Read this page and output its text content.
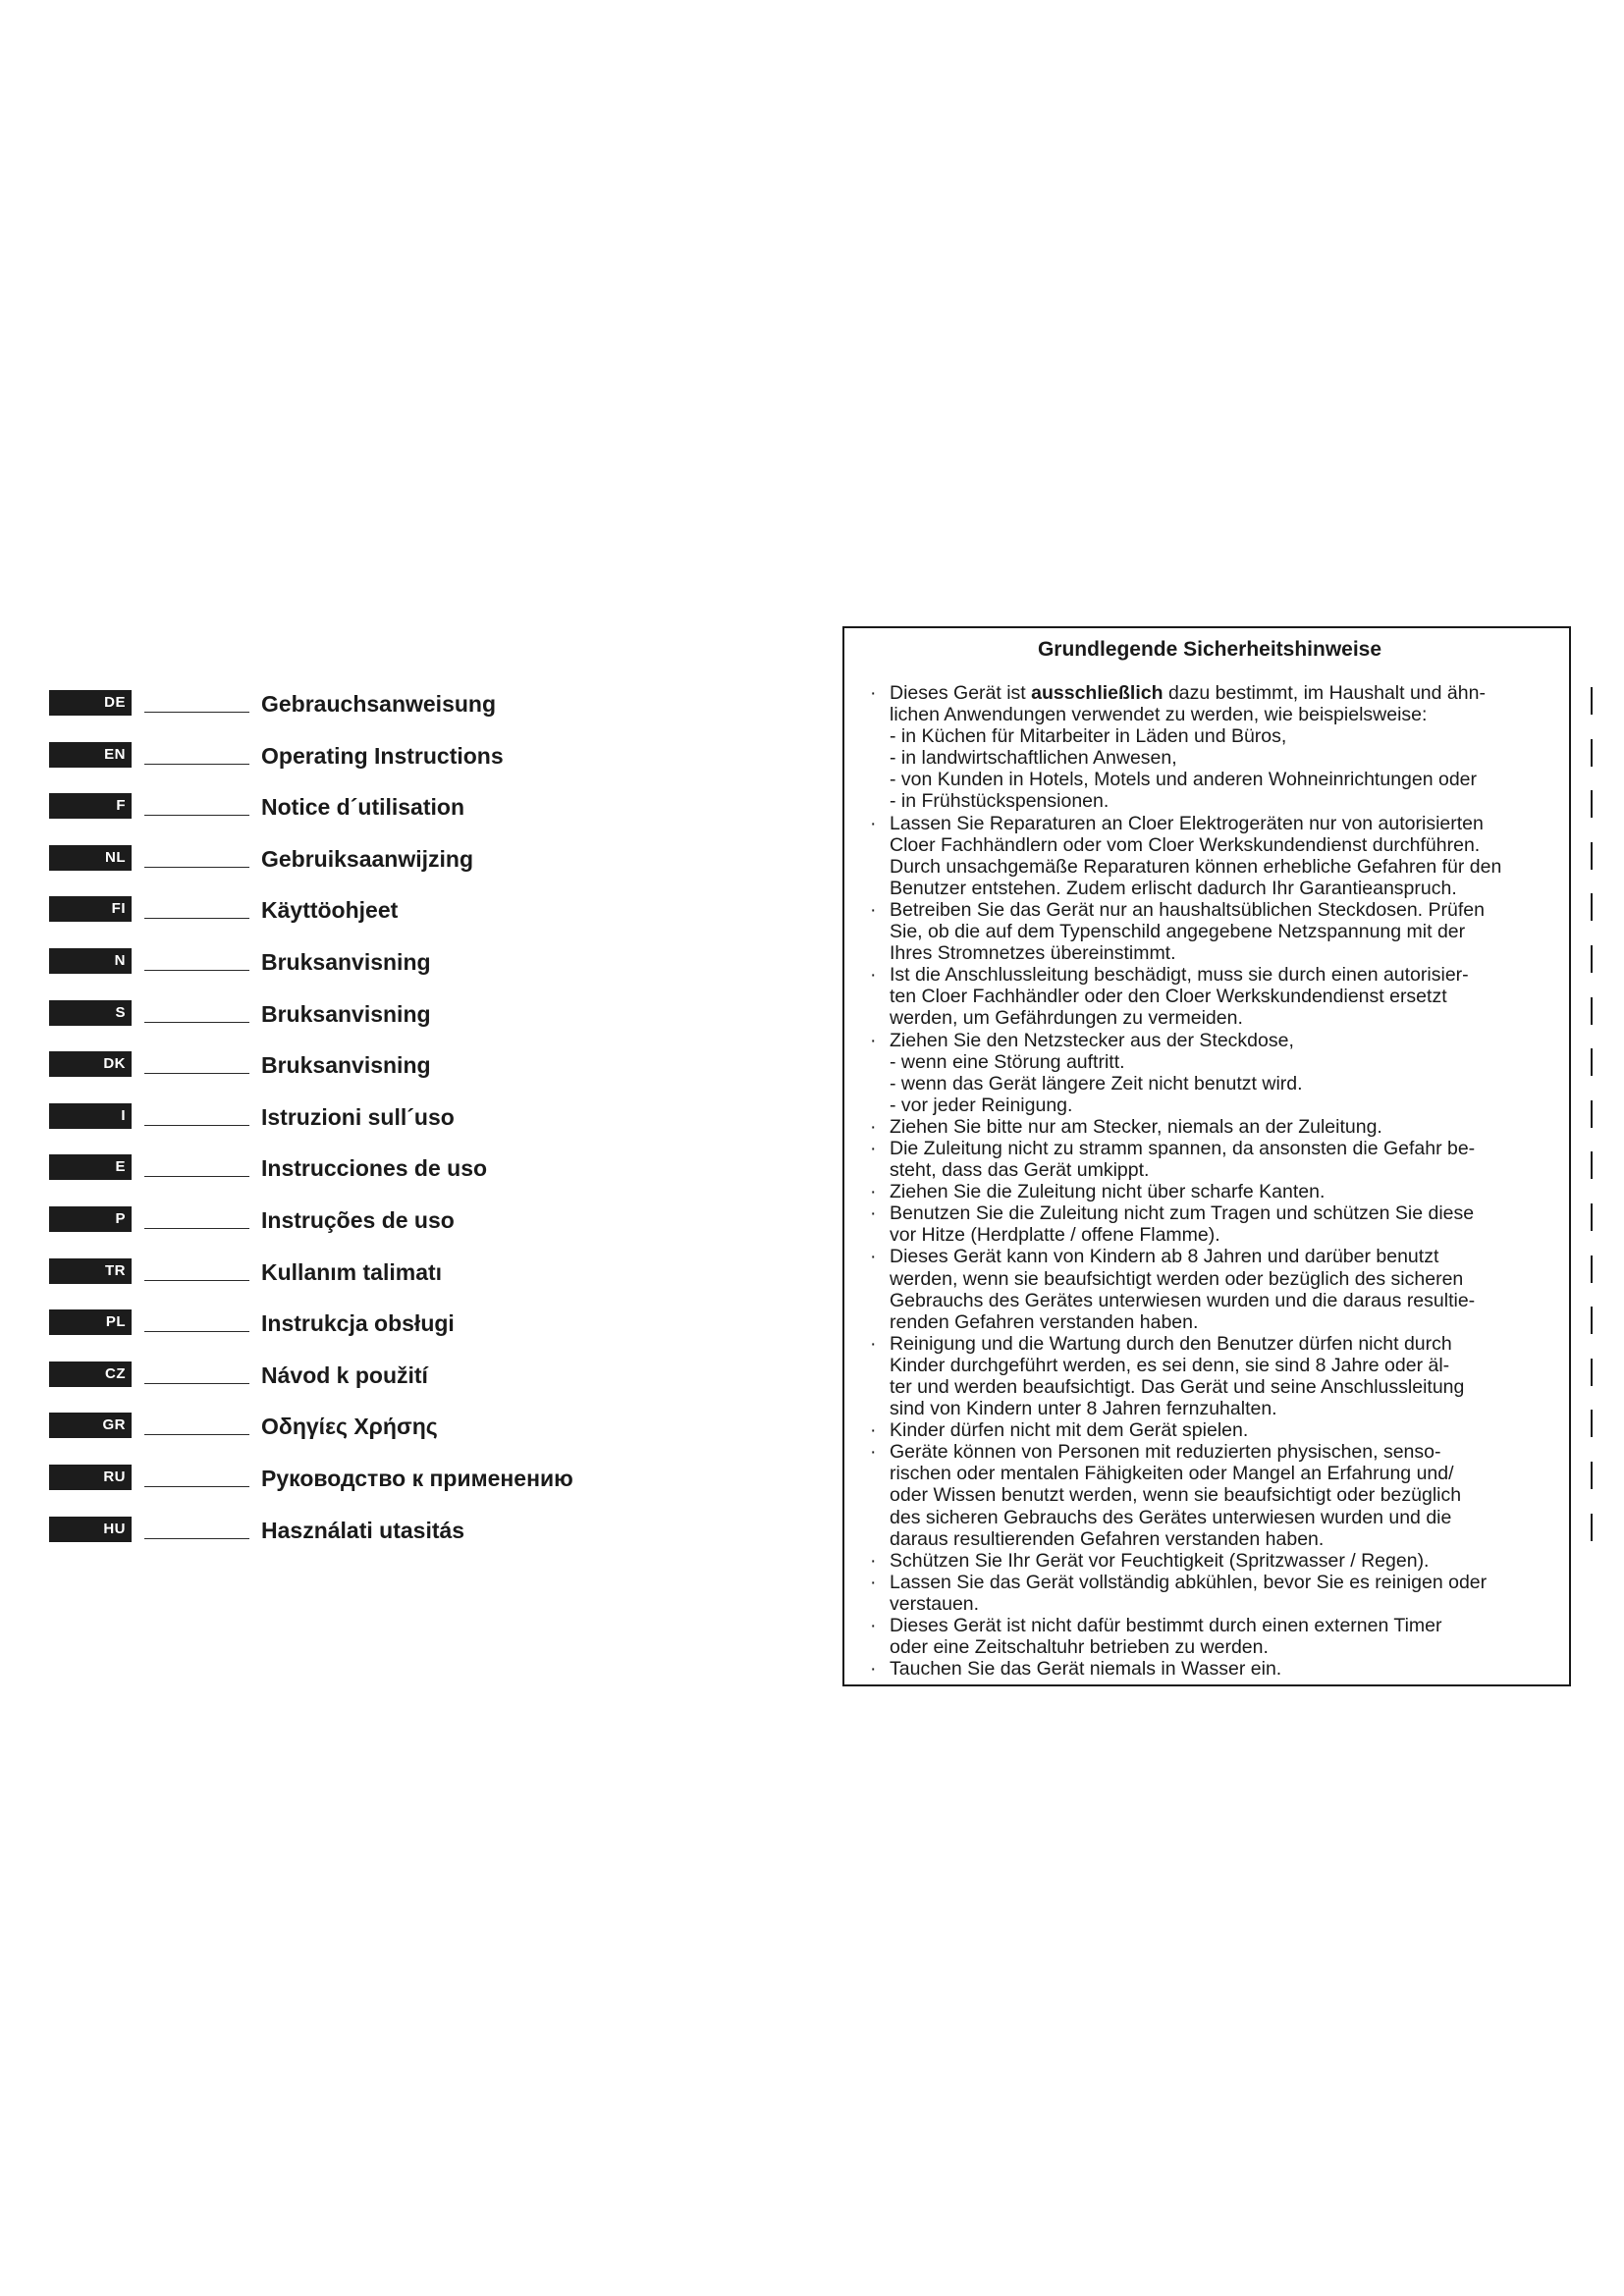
DE	Gebrauchsanweisung
EN	Operating Instructions
F	Notice d´utilisation
NL	Gebruiksaanwijzing
FI	Käyttöohjeet
N	Bruksanvisning
S	Bruksanvisning
DK	Bruksanvisning
I	Istruzioni sull´uso
E	Instrucciones de uso
P	Instruções de uso
TR	Kullanım talimatı
PL	Instrukcja obsługi
CZ	Návod k použití
GR	Οδηγίες Χρήσης
RU	Руководство к применению
HU	Használati utasitás
Grundlegende Sicherheitshinweise
· Dieses Gerät ist ausschließlich dazu bestimmt, im Haushalt und ähn-
lichen Anwendungen verwendet zu werden, wie beispielsweise:
- in Küchen für Mitarbeiter in Läden und Büros,
- in landwirtschaftlichen Anwesen,
- von Kunden in Hotels, Motels und anderen Wohneinrichtungen oder
- in Frühstückspensionen.
· Lassen Sie Reparaturen an Cloer Elektrogeräten nur von autorisierten
Cloer Fachhändlern oder vom Cloer Werkskundendienst durchführen.
Durch unsachgemäße Reparaturen können erhebliche Gefahren für den
Benutzer entstehen. Zudem erlischt dadurch Ihr Garantieanspruch.
· Betreiben Sie das Gerät nur an haushaltsüblichen Steckdosen. Prüfen
Sie, ob die auf dem Typenschild angegebene Netzspannung mit der
Ihres Stromnetzes übereinstimmt.
· Ist die Anschlussleitung beschädigt, muss sie durch einen autorisier-
ten Cloer Fachhändler oder den Cloer Werkskundendienst ersetzt
werden, um Gefährdungen zu vermeiden.
· Ziehen Sie den Netzstecker aus der Steckdose,
- wenn eine Störung auftritt.
- wenn das Gerät längere Zeit nicht benutzt wird.
- vor jeder Reinigung.
· Ziehen Sie bitte nur am Stecker, niemals an der Zuleitung.
· Die Zuleitung nicht zu stramm spannen, da ansonsten die Gefahr be-
steht, dass das Gerät umkippt.
· Ziehen Sie die Zuleitung nicht über scharfe Kanten.
· Benutzen Sie die Zuleitung nicht zum Tragen und schützen Sie diese
vor Hitze (Herdplatte / offene Flamme).
· Dieses Gerät kann von Kindern ab 8 Jahren und darüber benutzt
werden, wenn sie beaufsichtigt werden oder bezüglich des sicheren
Gebrauchs des Gerätes unterwiesen wurden und die daraus resultie-
renden Gefahren verstanden haben.
· Reinigung und die Wartung durch den Benutzer dürfen nicht durch
Kinder durchgeführt werden, es sei denn, sie sind 8 Jahre oder äl-
ter und werden beaufsichtigt. Das Gerät und seine Anschlussleitung
sind von Kindern unter 8 Jahren fernzuhalten.
· Kinder dürfen nicht mit dem Gerät spielen.
· Geräte können von Personen mit reduzierten physischen, senso-
rischen oder mentalen Fähigkeiten oder Mangel an Erfahrung und/
oder Wissen benutzt werden, wenn sie beaufsichtigt oder bezüglich
des sicheren Gebrauchs des Gerätes unterwiesen wurden und die
daraus resultierenden Gefahren verstanden haben.
· Schützen Sie Ihr Gerät vor Feuchtigkeit (Spritzwasser / Regen).
· Lassen Sie das Gerät vollständig abkühlen, bevor Sie es reinigen oder
verstauen.
· Dieses Gerät ist nicht dafür bestimmt durch einen externen Timer
oder eine Zeitschaltuhr betrieben zu werden.
· Tauchen Sie das Gerät niemals in Wasser ein.
